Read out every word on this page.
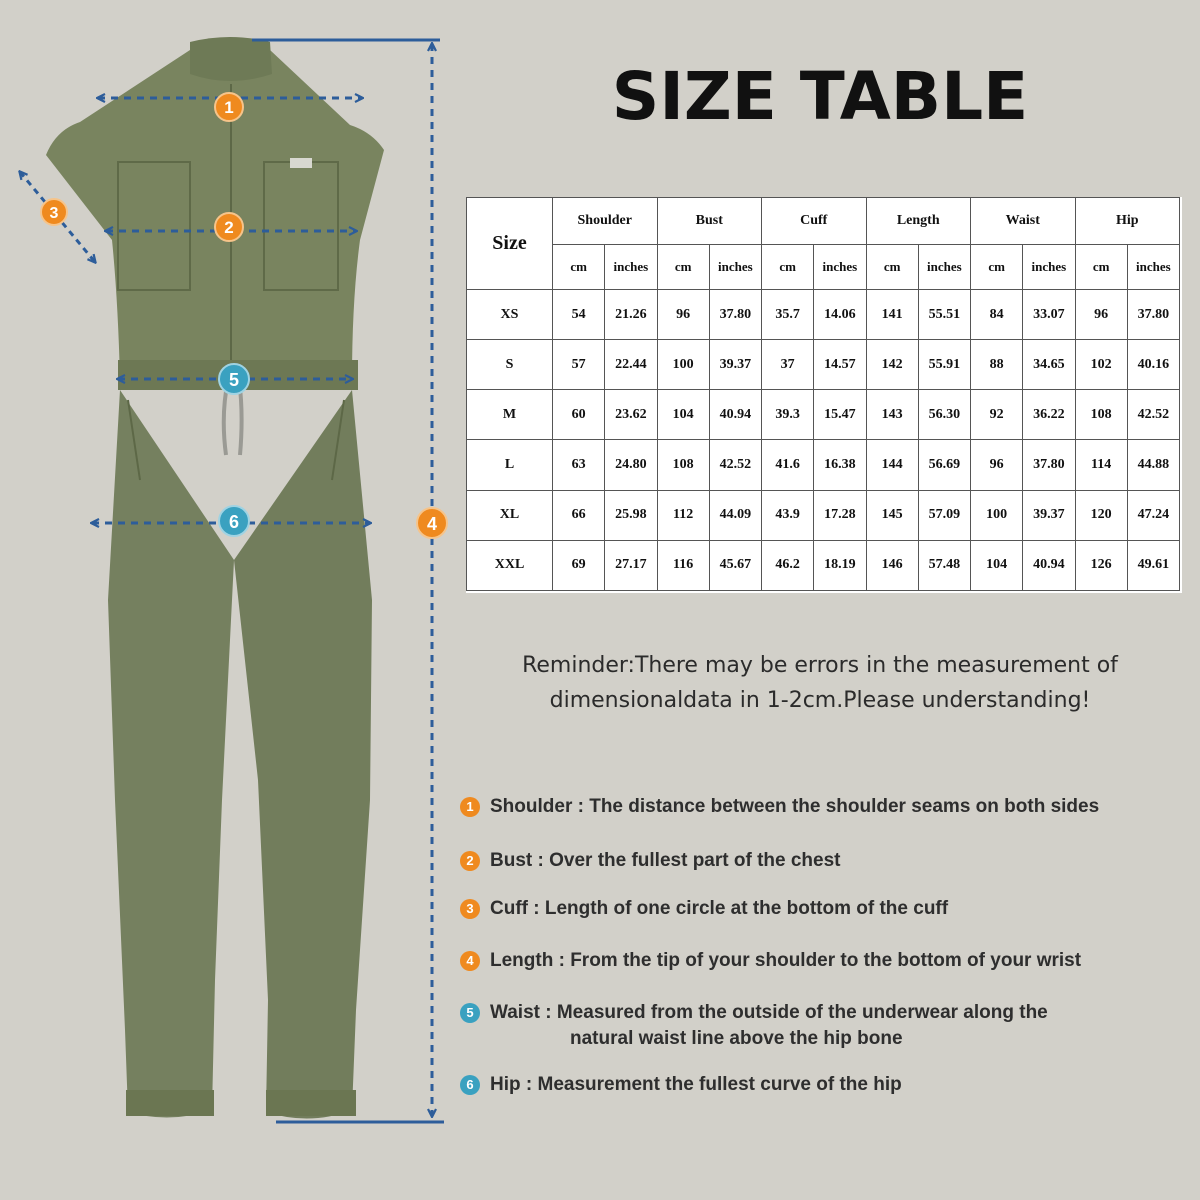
1
2
3
4
5
6
SIZE TABLE
Size	Shoulder		Bust		Cuff		Length		Waist		Hip	
	cm	inches	cm	inches	cm	inches	cm	inches	cm	inches	cm	inches
XS	54	21.26	96	37.80	35.7	14.06	141	55.51	84	33.07	96	37.80
S	57	22.44	100	39.37	37	14.57	142	55.91	88	34.65	102	40.16
M	60	23.62	104	40.94	39.3	15.47	143	56.30	92	36.22	108	42.52
L	63	24.80	108	42.52	41.6	16.38	144	56.69	96	37.80	114	44.88
XL	66	25.98	112	44.09	43.9	17.28	145	57.09	100	39.37	120	47.24
XXL	69	27.17	116	45.67	46.2	18.19	146	57.48	104	40.94	126	49.61
Reminder:There may be errors in the measurement of
dimensionaldata in 1-2cm.Please understanding!
1 Shoulder : The distance between the shoulder seams on both sides
2 Bust : Over the fullest part of the chest
3 Cuff : Length of one circle at the bottom of the cuff
4 Length : From the tip of your shoulder to the bottom of your wrist
5 Waist : Measured from the outside of the underwear along the
natural waist line above the hip bone
6 Hip : Measurement the fullest curve of the hip
